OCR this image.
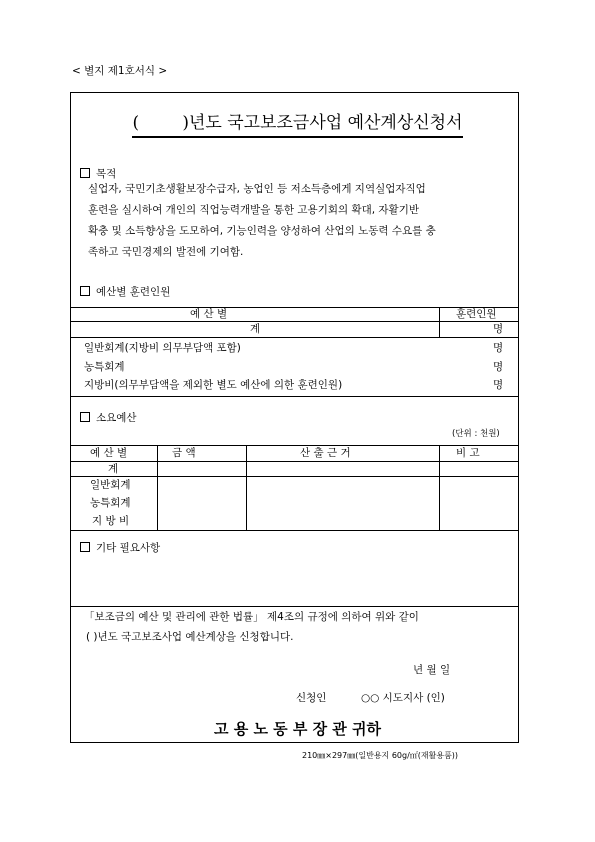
< 별지 제1호서식 >
(        )년도 국고보조금사업 예산계상신청서
목적
실업자, 국민기초생활보장수급자, 농업인 등 저소득층에게 지역실업자직업
훈련을 실시하여 개인의 직업능력개발을 통한 고용기회의 확대, 자활기반
확충 및 소득향상을 도모하여, 기능인력을 양성하여 산업의 노동력 수요를 충
족하고 국민경제의 발전에 기여함.
예산별 훈련인원
예 산 별	훈련인원
계	명
일반회계(지방비 의무부담액 포함)	명
농특회계	명
지방비(의무부담액을 제외한 별도 예산에 의한 훈련인원)	명
소요예산
(단위 : 천원)
예 산 별	금 액	산 출 근 거	비 고
계
일반회계
농특회계
지 방 비
기타 필요사항
「보조금의 예산 및 관리에 관한 법률」 제4조의 규정에 의하여 위와 같이
( )년도 국고보조사업 예산계상을 신청합니다.
년 월 일
신청인	○○ 시도지사 (인)
고 용 노 동 부 장 관 귀하
210㎜×297㎜(일반용지 60g/㎡(재활용품))
